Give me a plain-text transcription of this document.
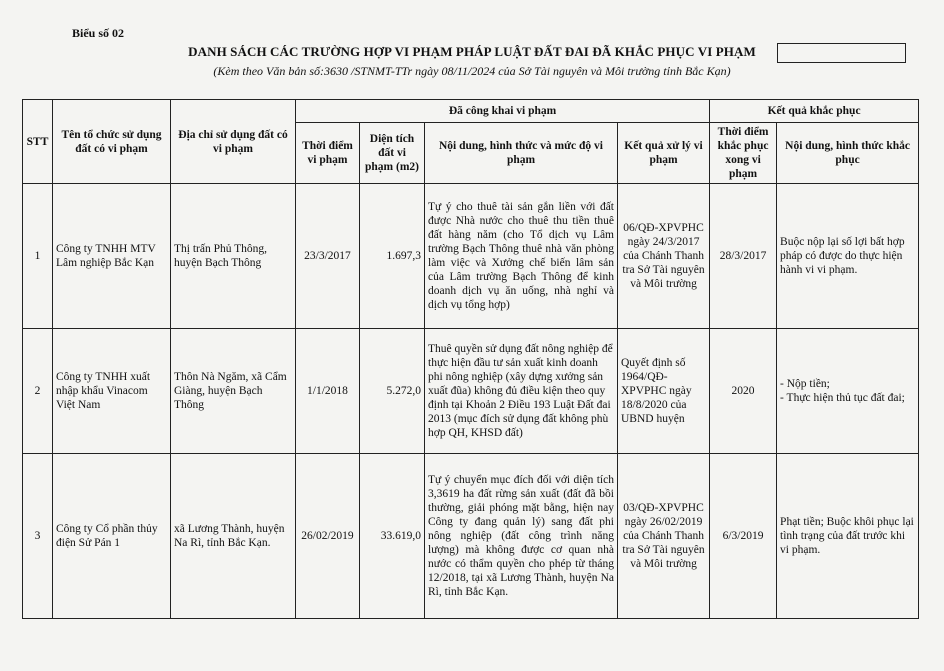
Biểu số 02
DANH SÁCH CÁC TRƯỜNG HỢP VI PHẠM PHÁP LUẬT ĐẤT ĐAI ĐÃ KHẮC PHỤC VI PHẠM
(Kèm theo Văn bản số:3630 /STNMT-TTr ngày 08/11/2024 của Sở Tài nguyên và Môi trường tỉnh Bắc Kạn)
STT	Tên tổ chức sử dụng đất có vi phạm	Địa chỉ sử dụng đất có vi phạm	Đã công khai vi phạm				Kết quả khắc phục	
			Thời điểm vi phạm	Diện tích đất vi phạm (m2)	Nội dung, hình thức và mức độ vi phạm	Kết quả xử lý vi phạm	Thời điểm khắc phục xong vi phạm	Nội dung, hình thức khắc phục
1	Công ty TNHH MTV Lâm nghiệp Bắc Kạn	Thị trấn Phủ Thông, huyện Bạch Thông	23/3/2017	1.697,3	Tự ý cho thuê tài sản gắn liền với đất được Nhà nước cho thuê thu tiền thuê đất hàng năm (cho Tổ dịch vụ Lâm trường Bạch Thông thuê nhà văn phòng làm việc và Xưởng chế biến lâm sản của Lâm trường Bạch Thông để kinh doanh dịch vụ ăn uống, nhà nghỉ và dịch vụ tổng hợp)	06/QĐ-XPVPHC ngày 24/3/2017 của Chánh Thanh tra Sở Tài nguyên và Môi trường	28/3/2017	Buộc nộp lại số lợi bất hợp pháp có được do thực hiện hành vi vi phạm.
2	Công ty TNHH xuất nhập khẩu Vinacom Việt Nam	Thôn Nà Ngăm, xã Cẩm Giàng, huyện Bạch Thông	1/1/2018	5.272,0	Thuê quyền sử dụng đất nông nghiệp để thực hiện đầu tư sản xuất kinh doanh phi nông nghiệp (xây dựng xưởng sản xuất đũa) không đủ điều kiện theo quy định tại Khoản 2 Điều 193 Luật Đất đai 2013 (mục đích sử dụng đất không phù hợp QH, KHSD đất)	Quyết định số 1964/QĐ-XPVPHC ngày 18/8/2020 của UBND huyện	2020	- Nộp tiền;
- Thực hiện thủ tục đất đai;
3	Công ty Cổ phần thủy điện Sử Pán 1	xã Lương Thành, huyện Na Rì, tỉnh Bắc Kạn.	26/02/2019	33.619,0	Tự ý chuyển mục đích đối với diện tích 3,3619 ha đất rừng sản xuất (đất đã bồi thường, giải phóng mặt bằng, hiện nay Công ty đang quản lý) sang đất phi nông nghiệp (đất công trình năng lượng) mà không được cơ quan nhà nước có thẩm quyền cho phép từ tháng 12/2018, tại xã Lương Thành, huyện Na Rì, tỉnh Bắc Kạn.	03/QĐ-XPVPHC ngày 26/02/2019 của Chánh Thanh tra Sở Tài nguyên và Môi trường	6/3/2019	Phạt tiền; Buộc khôi phục lại tình trạng của đất trước khi vi phạm.
